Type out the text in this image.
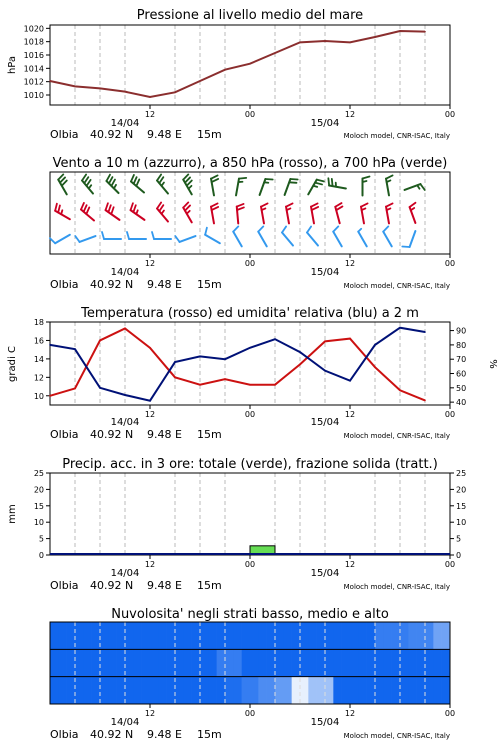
Pressione al livello medio del mare
1010
1012
1014
1016
1018
1020
hPa
12	00	12	00
14/04	15/04
Olbia 40.92 N 9.48 E 15m	Moloch model, CNR-ISAC, Italy
Vento a 10 m (azzurro), a 850 hPa (rosso), a 700 hPa (verde)
12	00	12	00
14/04	15/04
Olbia 40.92 N 9.48 E 15m	Moloch model, CNR-ISAC, Italy
Temperatura (rosso) ed umidita' relativa (blu) a 2 m
10
12
14
16
18
40
50
60
70
80
90
gradi C	%
12	00	12	00
14/04	15/04
Olbia 40.92 N 9.48 E 15m	Moloch model, CNR-ISAC, Italy
Precip. acc. in 3 ore: totale (verde), frazione solida (tratt.)
0
5
10
15
20
25
0
5
10
15
20
25
mm
12	00	12	00
14/04	15/04
Olbia 40.92 N 9.48 E 15m	Moloch model, CNR-ISAC, Italy
Nuvolosita' negli strati basso, medio e alto
12	00	12	00
14/04	15/04
Olbia 40.92 N 9.48 E 15m	Moloch model, CNR-ISAC, Italy
